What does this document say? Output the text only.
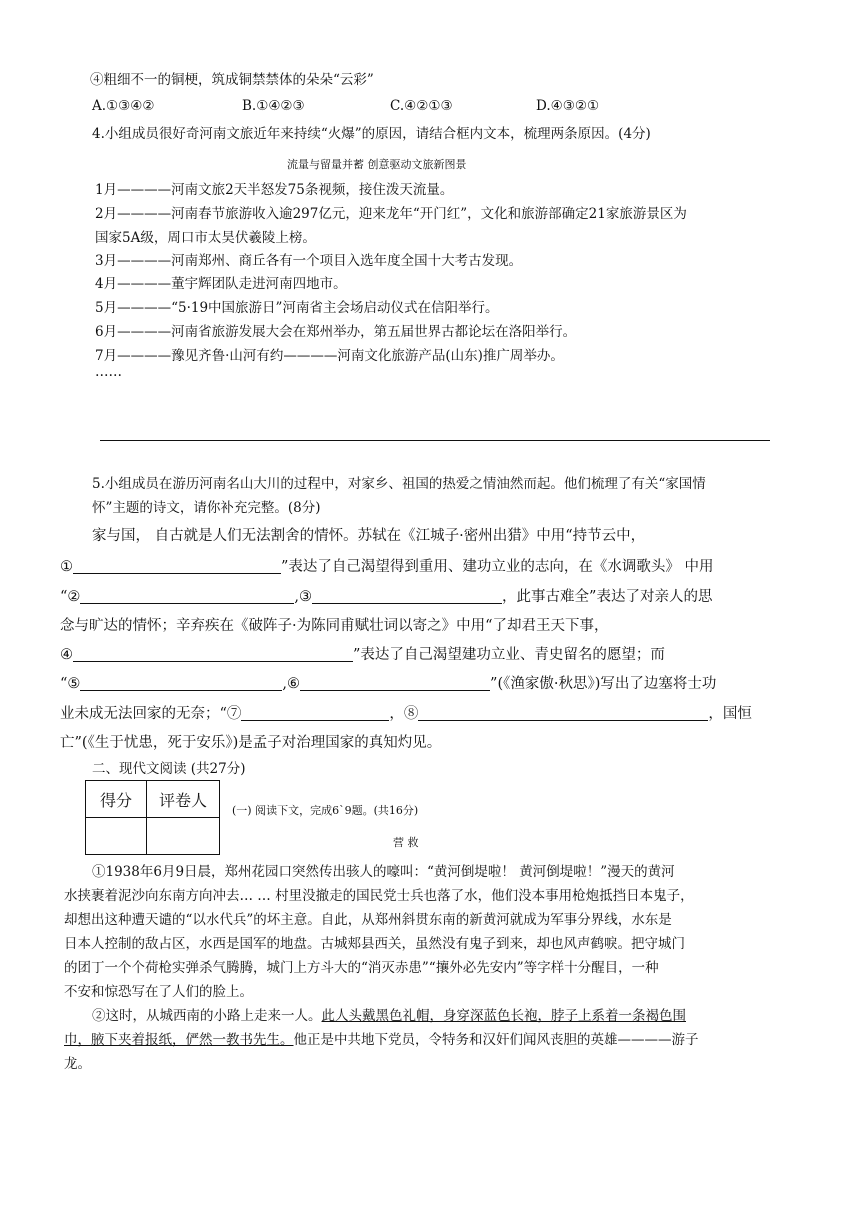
④粗细不一的铜梗，筑成铜禁禁体的朵朵“云彩”
A.①③④②	B.①④②③	C.④②①③	D.④③②①
4.小组成员很好奇河南文旅近年来持续“火爆”的原因，请结合框内文本，梳理两条原因。(4分)
流量与留量并蓄 创意驱动文旅新图景
1月————河南文旅2天半怒发75条视频，接住泼天流量。
2月————河南春节旅游收入逾297亿元，迎来龙年“开门红”，文化和旅游部确定21家旅游景区为
国家5A级，周口市太昊伏羲陵上榜。
3月————河南郑州、商丘各有一个项目入选年度全国十大考古发现。
4月————董宇辉团队走进河南四地市。
5月————“5·19中国旅游日”河南省主会场启动仪式在信阳举行。
6月————河南省旅游发展大会在郑州举办，第五届世界古都论坛在洛阳举行。
7月————豫见齐鲁·山河有约————河南文化旅游产品(山东)推广周举办。
……
5.小组成员在游历河南名山大川的过程中，对家乡、祖国的热爱之情油然而起。他们梳理了有关“家国情
怀”主题的诗文，请你补充完整。(8分)
家与国， 自古就是人们无法割舍的情怀。苏轼在《江城子·密州出猎》中用“持节云中，
①	”表达了自己渴望得到重用、建功立业的志向，在《水调歌头》 中用
“②	,③	，此事古难全”表达了对亲人的思
念与旷达的情怀；辛弃疾在《破阵子·为陈同甫赋壮词以寄之》中用“了却君王天下事，
④	”表达了自己渴望建功立业、青史留名的愿望；而
“⑤	,⑥	”(《渔家傲·秋思》)写出了边塞将士功
业未成无法回家的无奈；“⑦	，⑧	，国恒
亡”(《生于忧患，死于安乐》)是孟子对治理国家的真知灼见。
二、现代文阅读 (共27分)
得分	评卷人

(一) 阅读下文，完成6`9题。(共16分)
营 救
①1938年6月9日晨，郑州花园口突然传出骇人的嚎叫：“黄河倒堤啦！ 黄河倒堤啦！”漫天的黄河
水挟裹着泥沙向东南方向冲去… … 村里没撤走的国民党士兵也落了水，他们没本事用枪炮抵挡日本鬼子，
却想出这种遭天谴的“以水代兵”的坏主意。自此，从郑州斜贯东南的新黄河就成为军事分界线，水东是
日本人控制的敌占区，水西是国军的地盘。古城郏县西关，虽然没有鬼子到来，却也风声鹤唳。把守城门
的团丁一个个荷枪实弹杀气腾腾，城门上方斗大的“消灭赤患”“攘外必先安内”等字样十分醒目，一种
不安和惊恐写在了人们的脸上。
②这时，从城西南的小路上走来一人。此人头戴黑色礼帽，身穿深蓝色长袍，脖子上系着一条褐色围
巾，腋下夹着报纸，俨然一教书先生。他正是中共地下党员，令特务和汉奸们闻风丧胆的英雄————游子
龙。
